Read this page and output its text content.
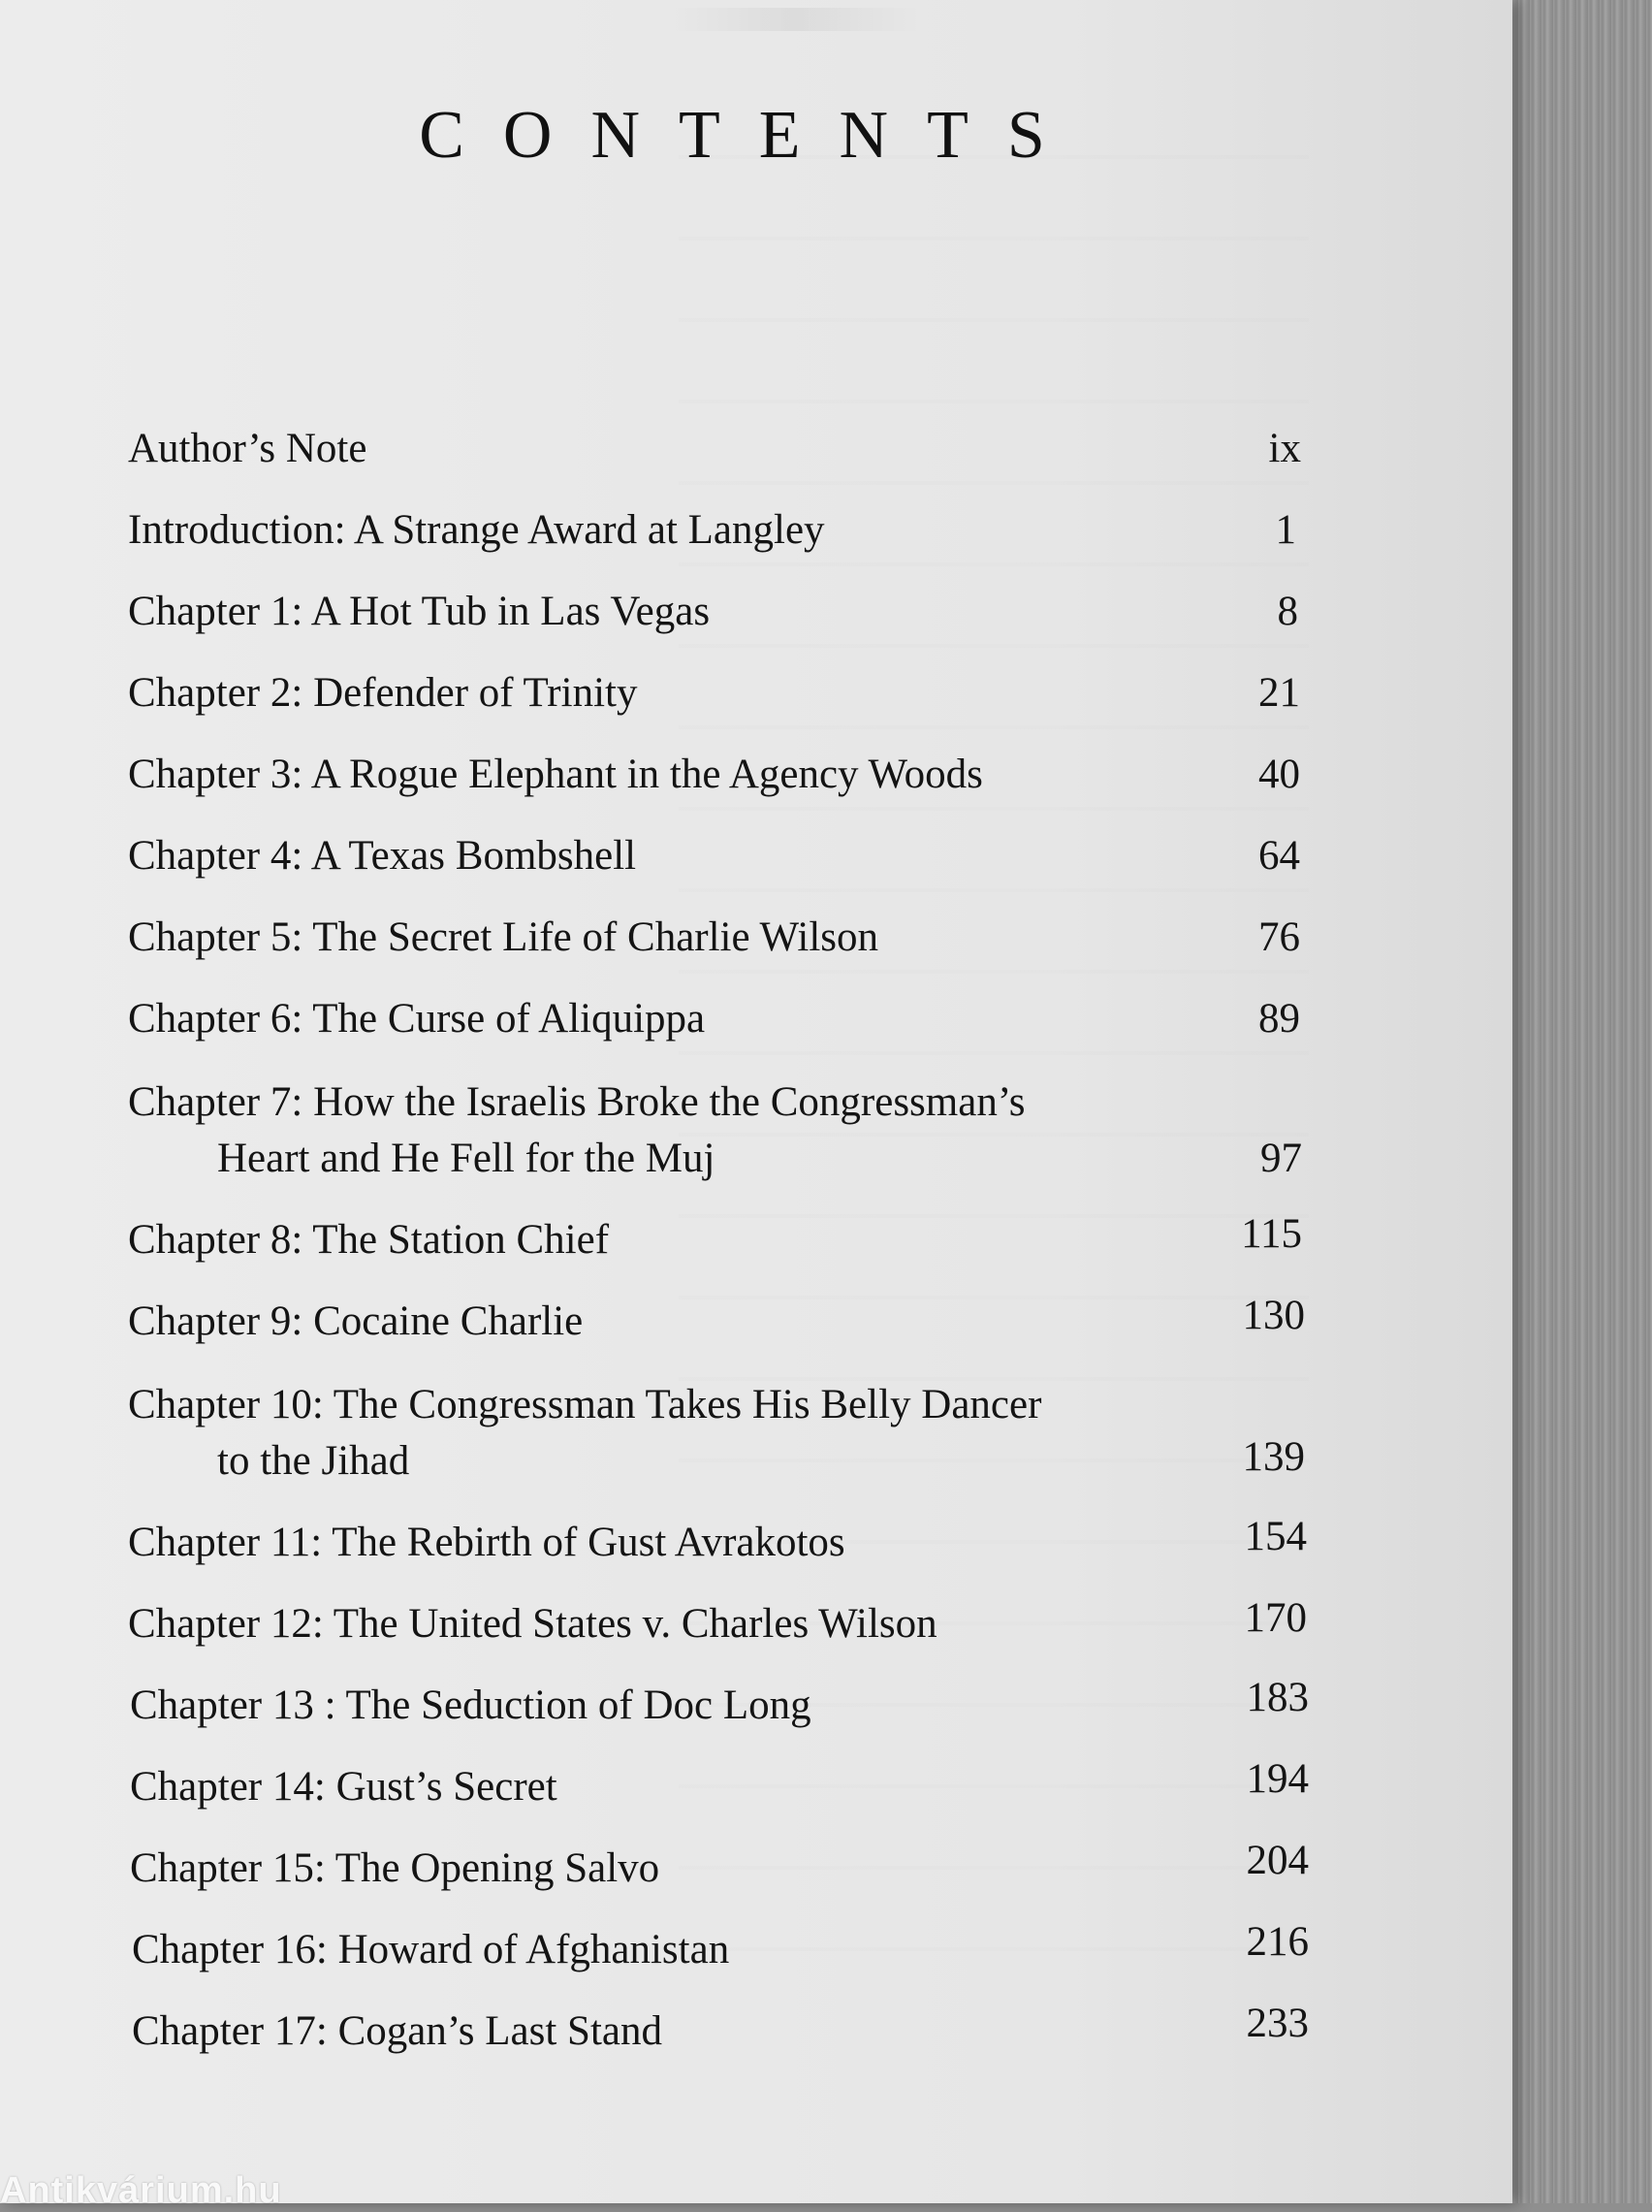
CONTENTS
Author’s Note	ix
Introduction: A Strange Award at Langley	1
Chapter 1: A Hot Tub in Las Vegas	8
Chapter 2: Defender of Trinity	21
Chapter 3: A Rogue Elephant in the Agency Woods	40
Chapter 4: A Texas Bombshell	64
Chapter 5: The Secret Life of Charlie Wilson	76
Chapter 6: The Curse of Aliquippa	89
Chapter 7: How the Israelis Broke the Congressman’s
Heart and He Fell for the Muj	97
Chapter 8: The Station Chief	115
Chapter 9: Cocaine Charlie	130
Chapter 10: The Congressman Takes His Belly Dancer
to the Jihad	139
Chapter 11: The Rebirth of Gust Avrakotos	154
Chapter 12: The United States v. Charles Wilson	170
Chapter 13 : The Seduction of Doc Long	183
Chapter 14: Gust’s Secret	194
Chapter 15: The Opening Salvo	204
Chapter 16: Howard of Afghanistan	216
Chapter 17: Cogan’s Last Stand	233
Antikvárium.hu
